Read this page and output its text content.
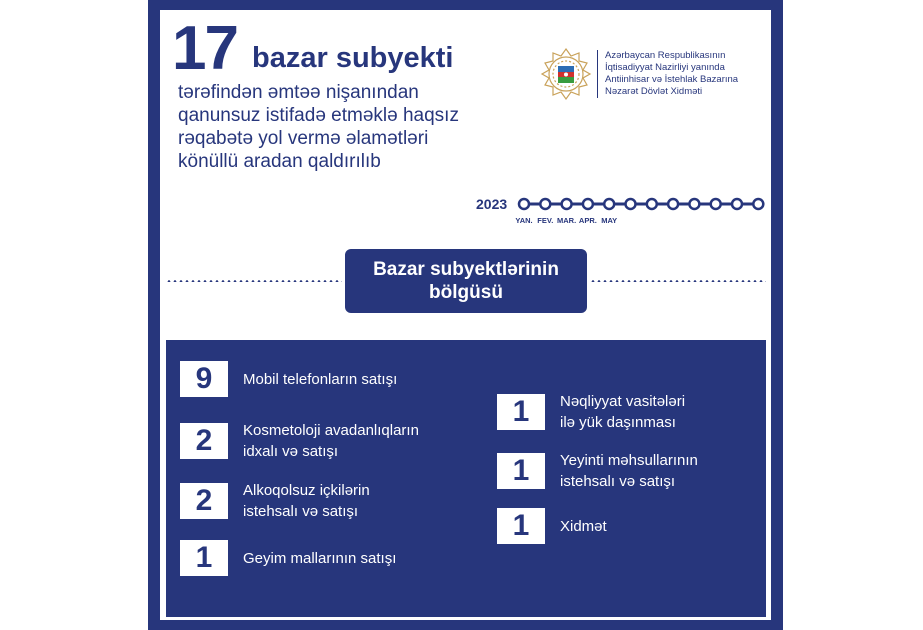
17 bazar subyekti
tərəfindən əmtəə nişanından
qanunsuz istifadə etməklə haqsız
rəqabətə yol vermə əlamətləri
könüllü aradan qaldırılıb
Azərbaycan Respublikasının
İqtisadiyyat Nazirliyi yanında
Antiinhisar və İstehlak Bazarına
Nəzarət Dövlət Xidməti
2023
YAN. FEV. MAR. APR. MAY
Bazar subyektlərinin
bölgüsü
9	Mobil telefonların satışı
2	Kosmetoloji avadanlıqların
idxalı və satışı
2	Alkoqolsuz içkilərin
istehsalı və satışı
1	Geyim mallarının satışı
1	Nəqliyyat vasitələri
ilə yük daşınması
1	Yeyinti məhsullarının
istehsalı və satışı
1	Xidmət
